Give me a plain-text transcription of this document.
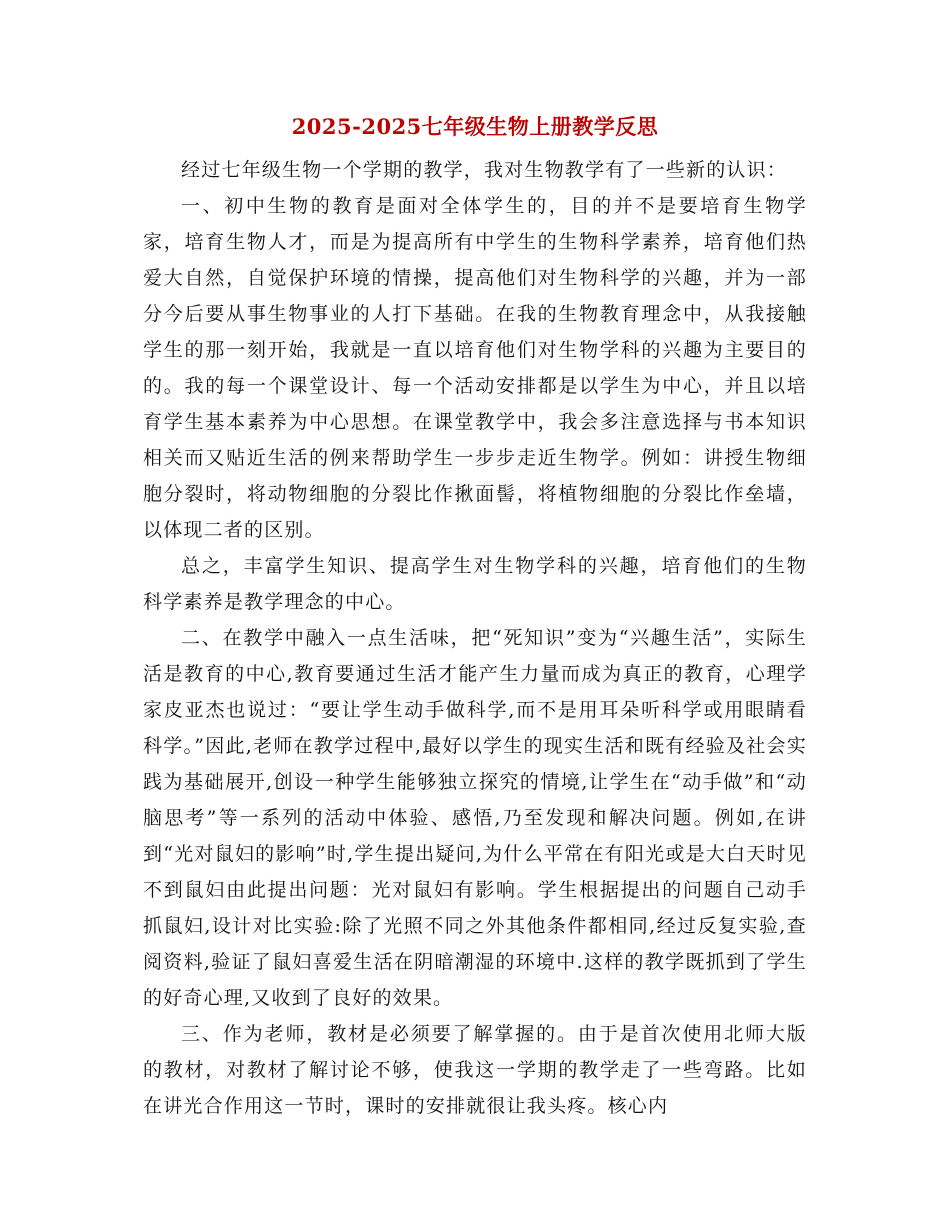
2025-2025七年级生物上册教学反思

经过七年级生物一个学期的教学，我对生物教学有了一些新的认识：

一、初中生物的教育是面对全体学生的，目的并不是要培育生物学家，培育生物人才，而是为提高所有中学生的生物科学素养，培育他们热爱大自然，自觉保护环境的情操，提高他们对生物科学的兴趣，并为一部分今后要从事生物事业的人打下基础。在我的生物教育理念中，从我接触学生的那一刻开始，我就是一直以培育他们对生物学科的兴趣为主要目的的。我的每一个课堂设计、每一个活动安排都是以学生为中心，并且以培育学生基本素养为中心思想。在课堂教学中，我会多注意选择与书本知识相关而又贴近生活的例来帮助学生一步步走近生物学。例如：讲授生物细胞分裂时，将动物细胞的分裂比作揪面髻，将植物细胞的分裂比作垒墙，以体现二者的区别。

总之，丰富学生知识、提高学生对生物学科的兴趣，培育他们的生物科学素养是教学理念的中心。

二、在教学中融入一点生活味，把“死知识”变为“兴趣生活”，实际生活是教育的中心,教育要通过生活才能产生力量而成为真正的教育，心理学家皮亚杰也说过：“要让学生动手做科学,而不是用耳朵听科学或用眼睛看科学。”因此,老师在教学过程中,最好以学生的现实生活和既有经验及社会实践为基础展开,创设一种学生能够独立探究的情境,让学生在“动手做”和“动脑思考”等一系列的活动中体验、感悟,乃至发现和解决问题。例如,在讲到“光对鼠妇的影响”时,学生提出疑问,为什么平常在有阳光或是大白天时见不到鼠妇由此提出问题：光对鼠妇有影响。学生根据提出的问题自己动手抓鼠妇,设计对比实验:除了光照不同之外其他条件都相同,经过反复实验,查阅资料,验证了鼠妇喜爱生活在阴暗潮湿的环境中.这样的教学既抓到了学生的好奇心理,又收到了良好的效果。

三、作为老师，教材是必须要了解掌握的。由于是首次使用北师大版的教材，对教材了解讨论不够，使我这一学期的教学走了一些弯路。比如在讲光合作用这一节时，课时的安排就很让我头疼。核心内
